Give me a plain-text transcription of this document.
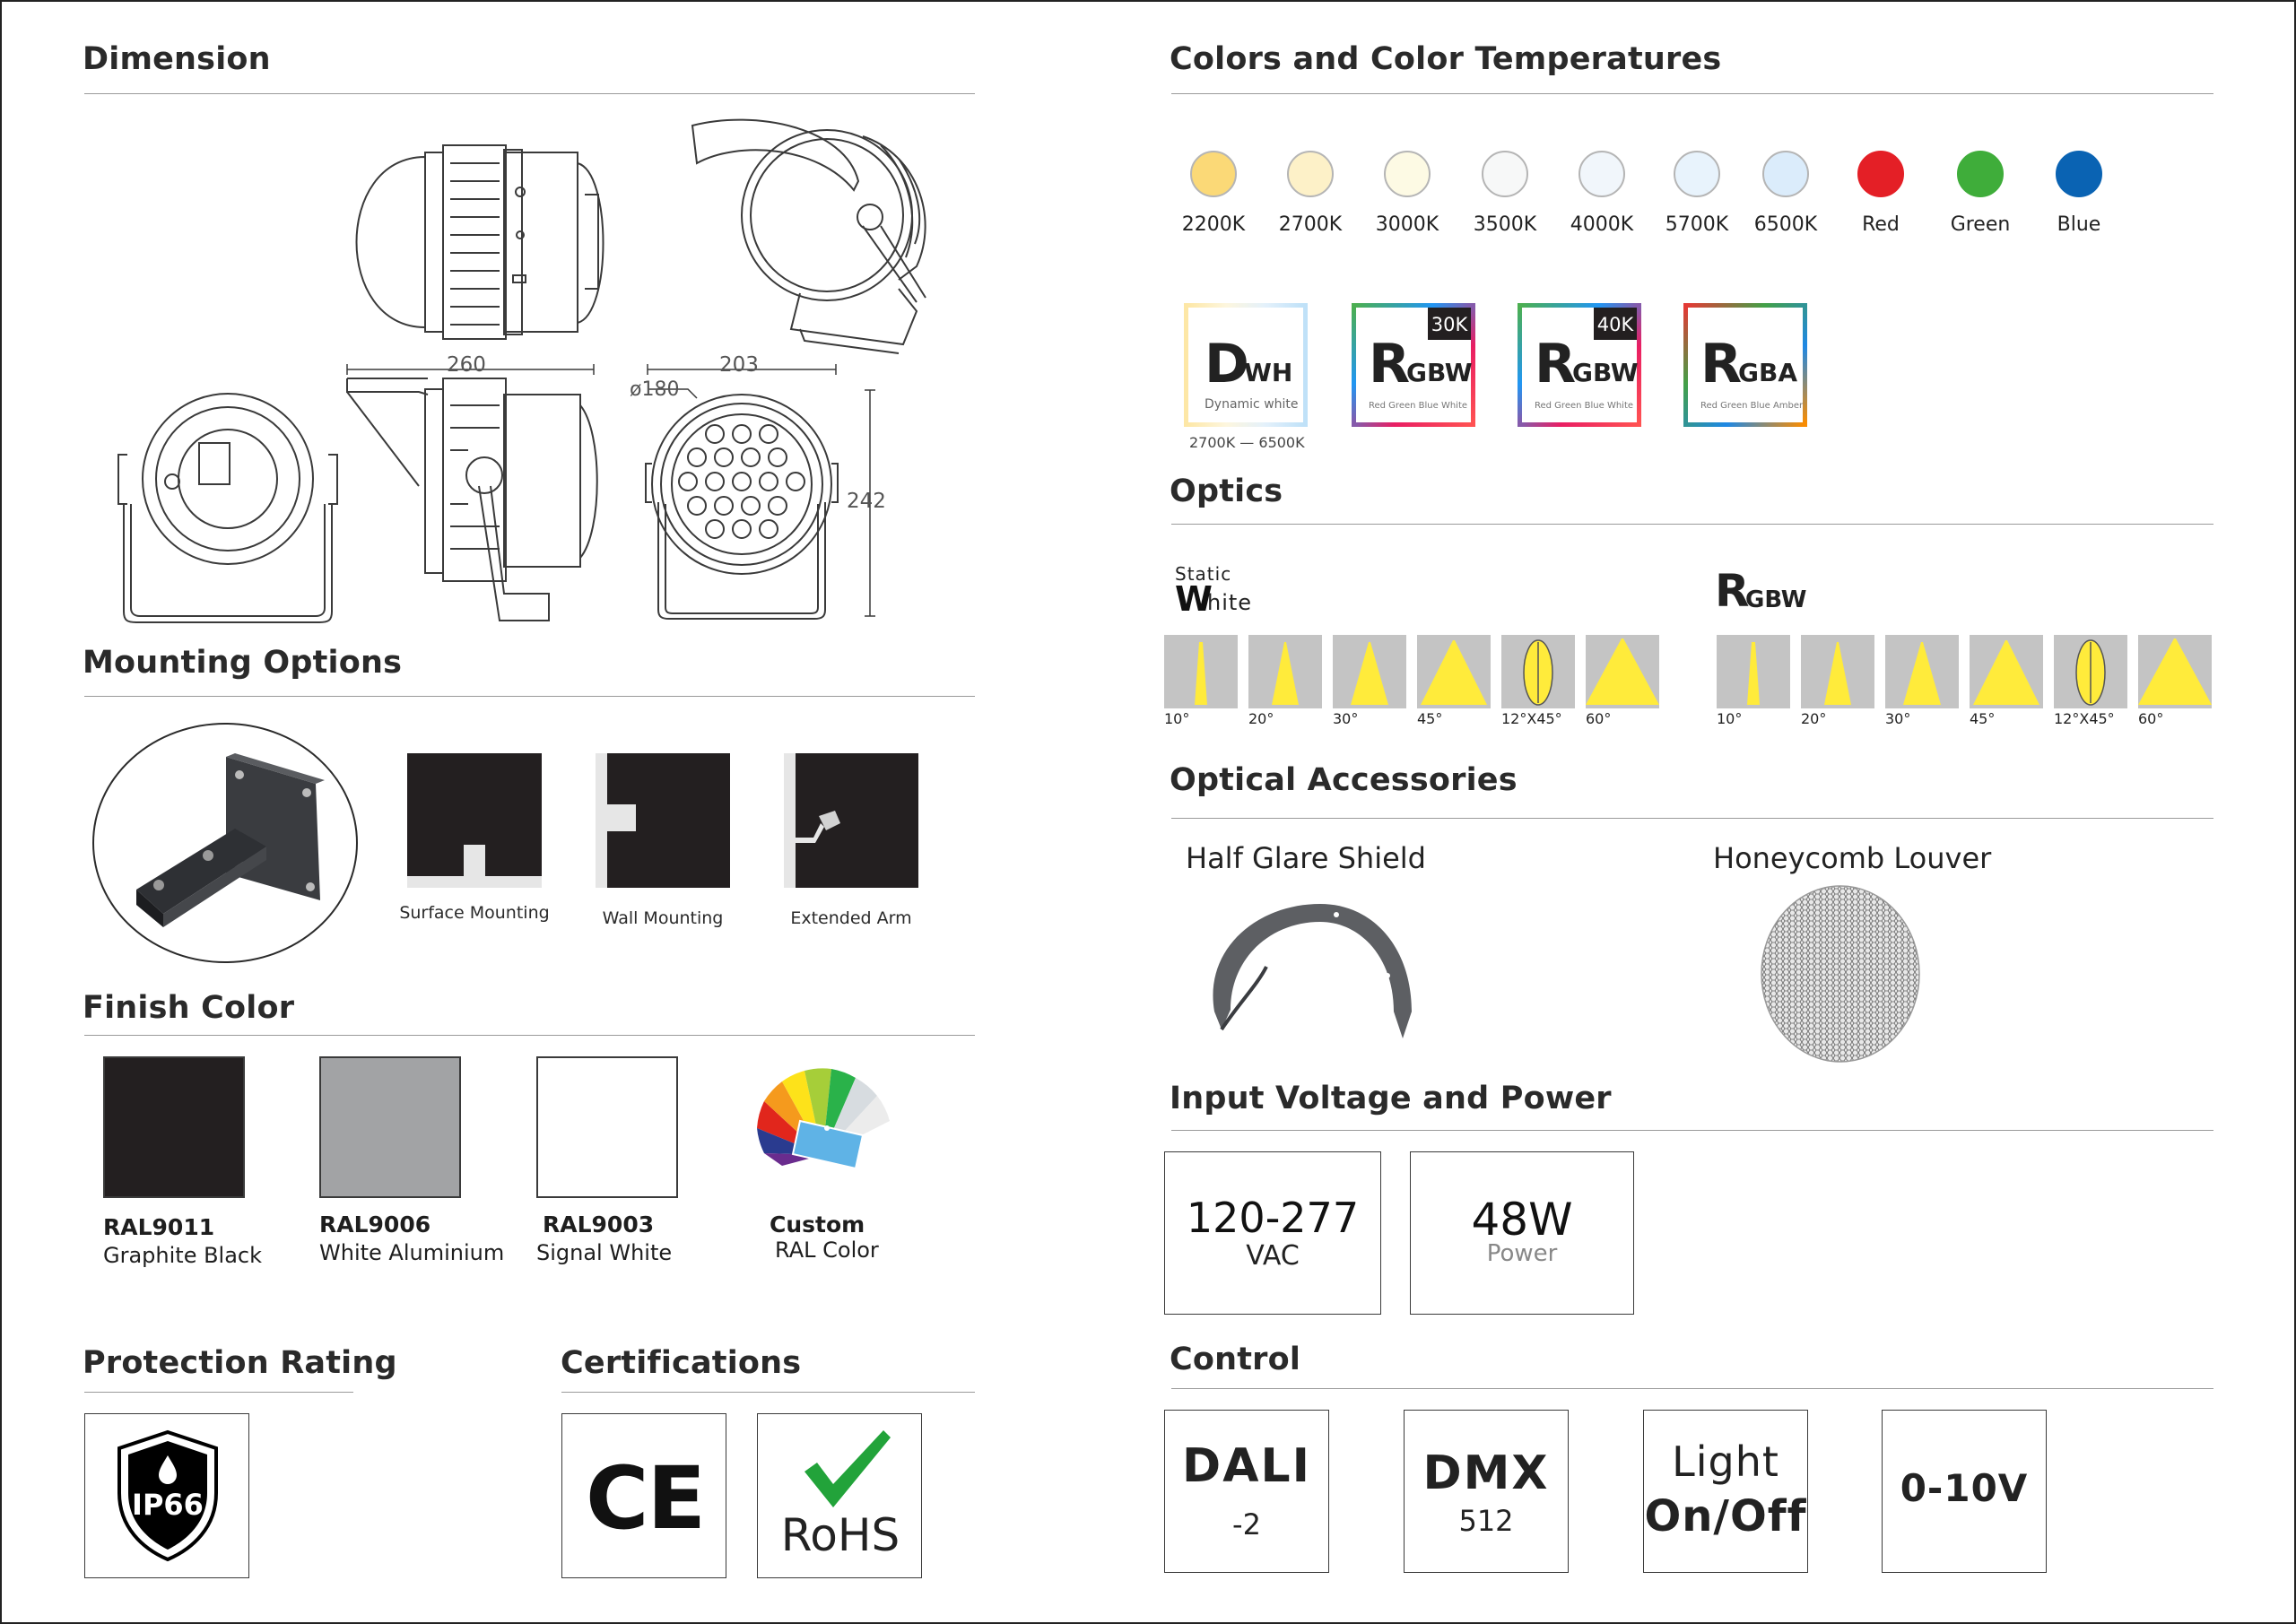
Dimension
260	203
ø180
242
Mounting Options
Surface Mounting	Wall Mounting	Extended Arm
Finish Color
RAL9011
Graphite Black
RAL9006
White Aluminium
RAL9003
Signal White
Custom
RAL Color
Protection Rating
IP66
Certifications
CE	RoHS
Colors and Color Temperatures
2200K	2700K	3000K	3500K	4000K	5700K	6500K	Red	Green	Blue
D
WH
Dynamic white
2700K — 6500K
30K
R
GBW
Red Green Blue White
40K
R
GBW
Red Green Blue White
R
GBA
Red Green Blue Amber
Optics
Static
W
hite	R
GBW
10°	20°	30°	45°	12°X45° 60°	10°	20°	30°	45°	12°X45° 60°
Optical Accessories
Half Glare Shield	Honeycomb Louver
Input Voltage and Power
120-277
VAC
48W
Power
Control
DALI
-2
DMX
512
Light
On/Off
0-10V
